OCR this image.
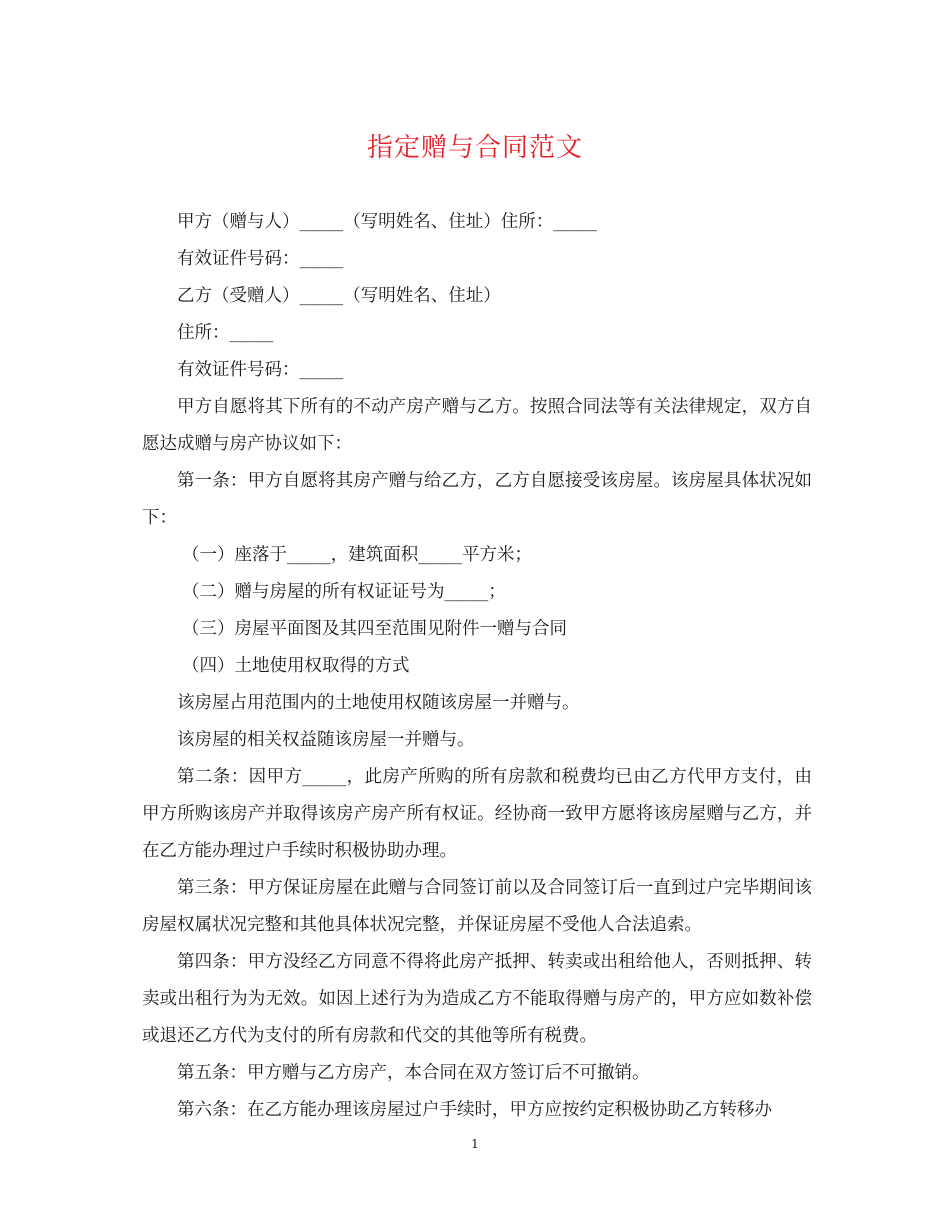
指定赠与合同范文

甲方（赠与人）_____（写明姓名、住址）住所：_____

有效证件号码：_____

乙方（受赠人）_____（写明姓名、住址）

住所：_____

有效证件号码：_____

甲方自愿将其下所有的不动产房产赠与乙方。按照合同法等有关法律规定，双方自愿达成赠与房产协议如下：

第一条：甲方自愿将其房产赠与给乙方，乙方自愿接受该房屋。该房屋具体状况如下：

（一）座落于_____，建筑面积_____平方米；

（二）赠与房屋的所有权证证号为_____；

（三）房屋平面图及其四至范围见附件一赠与合同

（四）土地使用权取得的方式

该房屋占用范围内的土地使用权随该房屋一并赠与。

该房屋的相关权益随该房屋一并赠与。

第二条：因甲方_____，此房产所购的所有房款和税费均已由乙方代甲方支付，由甲方所购该房产并取得该房产房产所有权证。经协商一致甲方愿将该房屋赠与乙方，并在乙方能办理过户手续时积极协助办理。

第三条：甲方保证房屋在此赠与合同签订前以及合同签订后一直到过户完毕期间该房屋权属状况完整和其他具体状况完整，并保证房屋不受他人合法追索。

第四条：甲方没经乙方同意不得将此房产抵押、转卖或出租给他人，否则抵押、转卖或出租行为为无效。如因上述行为为造成乙方不能取得赠与房产的，甲方应如数补偿或退还乙方代为支付的所有房款和代交的其他等所有税费。

第五条：甲方赠与乙方房产，本合同在双方签订后不可撤销。

第六条：在乙方能办理该房屋过户手续时，甲方应按约定积极协助乙方转移办

1
